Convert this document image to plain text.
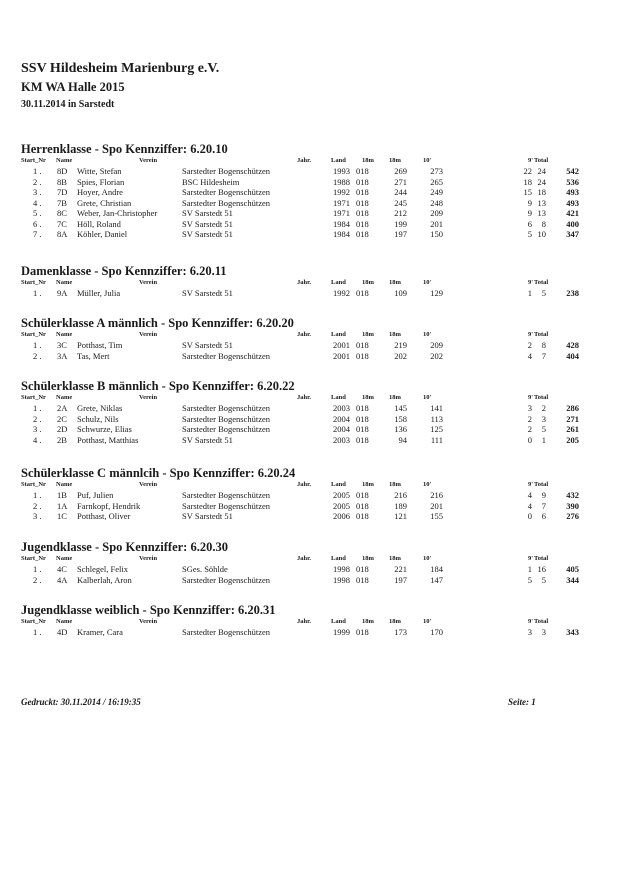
SSV Hildesheim Marienburg e.V.
KM WA Halle 2015
30.11.2014 in Sarstedt
Herrenklasse - Spo Kennziffer: 6.20.10
Start_Nr Name	Verein	Jahr.	Land 18m 18m	10'	9' Total
1 . 8D Witte, Stefan	Sarstedter Bogenschützen	1993 018	269	273	22 24	542
2 . 8B Spies, Florian	BSC Hildesheim	1988 018	271	265	18 24	536
3 . 7D Hoyer, Andre	Sarstedter Bogenschützen	1992 018	244	249	15 18	493
4 . 7B Grete, Christian	Sarstedter Bogenschützen	1971 018	245	248	9 13	493
5 . 8C Weber, Jan-Christopher	SV Sarstedt 51	1971 018	212	209	9 13	421
6 . 7C Höll, Roland	SV Sarstedt 51	1984 018	199	201	6	8	400
7 . 8A Köhler, Daniel	SV Sarstedt 51	1984 018	197	150	5 10	347
Damenklasse - Spo Kennziffer: 6.20.11
Start_Nr Name	Verein	Jahr.	Land 18m 18m	10'	9' Total
1 . 9A Müller, Julia	SV Sarstedt 51	1992 018	109	129	1	5	238
Schülerklasse A männlich - Spo Kennziffer: 6.20.20
Start_Nr Name	Verein	Jahr.	Land 18m 18m	10'	9' Total
1 . 3C Potthast, Tim	SV Sarstedt 51	2001 018	219	209	2	8	428
2 . 3A Tas, Mert	Sarstedter Bogenschützen	2001 018	202	202	4	7	404
Schülerklasse B männlich - Spo Kennziffer: 6.20.22
Start_Nr Name	Verein	Jahr.	Land 18m 18m	10'	9' Total
1 . 2A Grete, Niklas	Sarstedter Bogenschützen	2003 018	145	141	3	2	286
2 . 2C Schulz, Nils	Sarstedter Bogenschützen	2004 018	158	113	2	3	271
3 . 2D Schwurze, Elias	Sarstedter Bogenschützen	2004 018	136	125	2	5	261
4 . 2B Potthast, Matthias	SV Sarstedt 51	2003 018	94	111	0	1	205
Schülerklasse C männlcih - Spo Kennziffer: 6.20.24
Start_Nr Name	Verein	Jahr.	Land 18m 18m	10'	9' Total
1 . 1B Puf, Julien	Sarstedter Bogenschützen	2005 018	216	216	4	9	432
2 . 1A Farnkopf, Hendrik	Sarstedter Bogenschützen	2005 018	189	201	4	7	390
3 . 1C Potthast, Oliver	SV Sarstedt 51	2006 018	121	155	0	6	276
Jugendklasse - Spo Kennziffer: 6.20.30
Start_Nr Name	Verein	Jahr.	Land 18m 18m	10'	9' Total
1 . 4C Schlegel, Felix	SGes. Söhlde	1998 018	221	184	1 16	405
2 . 4A Kalberlah, Aron	Sarstedter Bogenschützen	1998 018	197	147	5	5	344
Jugendklasse weiblich - Spo Kennziffer: 6.20.31
Start_Nr Name	Verein	Jahr.	Land 18m 18m	10'	9' Total
1 . 4D Kramer, Cara	Sarstedter Bogenschützen	1999 018	173	170	3	3	343
Gedruckt: 30.11.2014 / 16:19:35	Seite: 1
